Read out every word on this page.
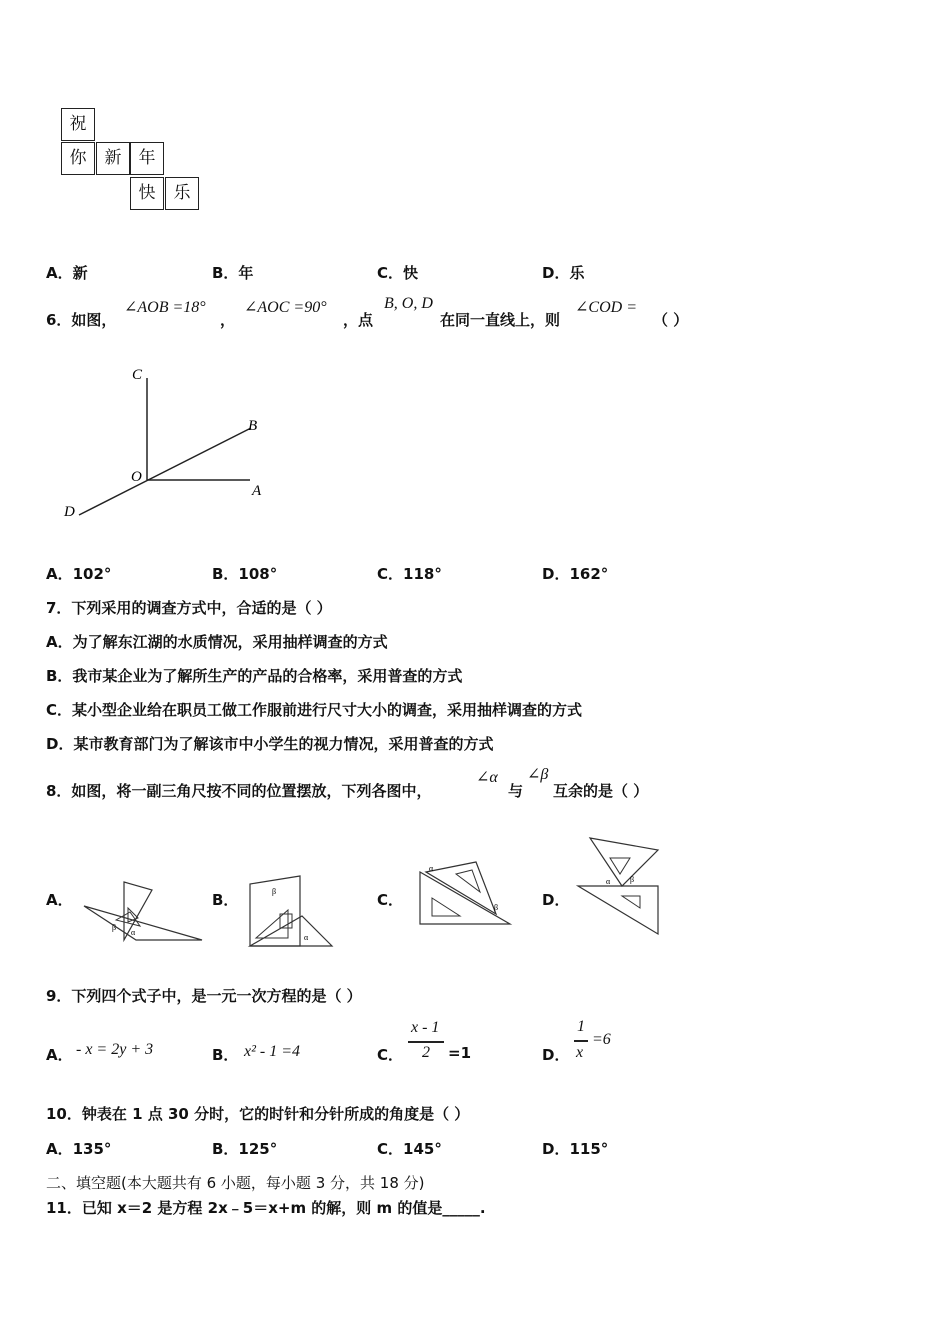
祝
你	新	年
快	乐
A．新	B．年	C．快	D．乐
6．如图，
∠AOB =18°
，
∠AOC =90°
，点
B, O, D
在同一直线上，则
∠COD =
（ ）
C
B
O
A
D
A．102°	B．108°	C．118°	D．162°
7．下列采用的调查方式中，合适的是（ ）
A．为了解东江湖的水质情况，采用抽样调查的方式
B．我市某企业为了解所生产的产品的合格率，采用普查的方式
C．某小型企业给在职员工做工作服前进行尺寸大小的调查，采用抽样调查的方式
D．某市教育部门为了解该市中小学生的视力情况，采用普查的方式
8．如图，将一副三角尺按不同的位置摆放，下列各图中，
∠α
与
∠β
互余的是（ ）
A．
β
α
B．	β
α
C．
α
β	D．
α β
9．下列四个式子中，是一元一次方程的是（ ）
A． - x = 2y + 3	B． x² - 1 =4	C．
x - 1
2 =1	D．
1
x
=6
10．钟表在 1 点 30 分时，它的时针和分针所成的角度是（ ）
A．135°	B．125°	C．145°	D．115°
二、填空题(本大题共有 6 小题，每小题 3 分，共 18 分)
11．已知 x＝2 是方程 2x﹣5＝x+m 的解，则 m 的值是_____.
